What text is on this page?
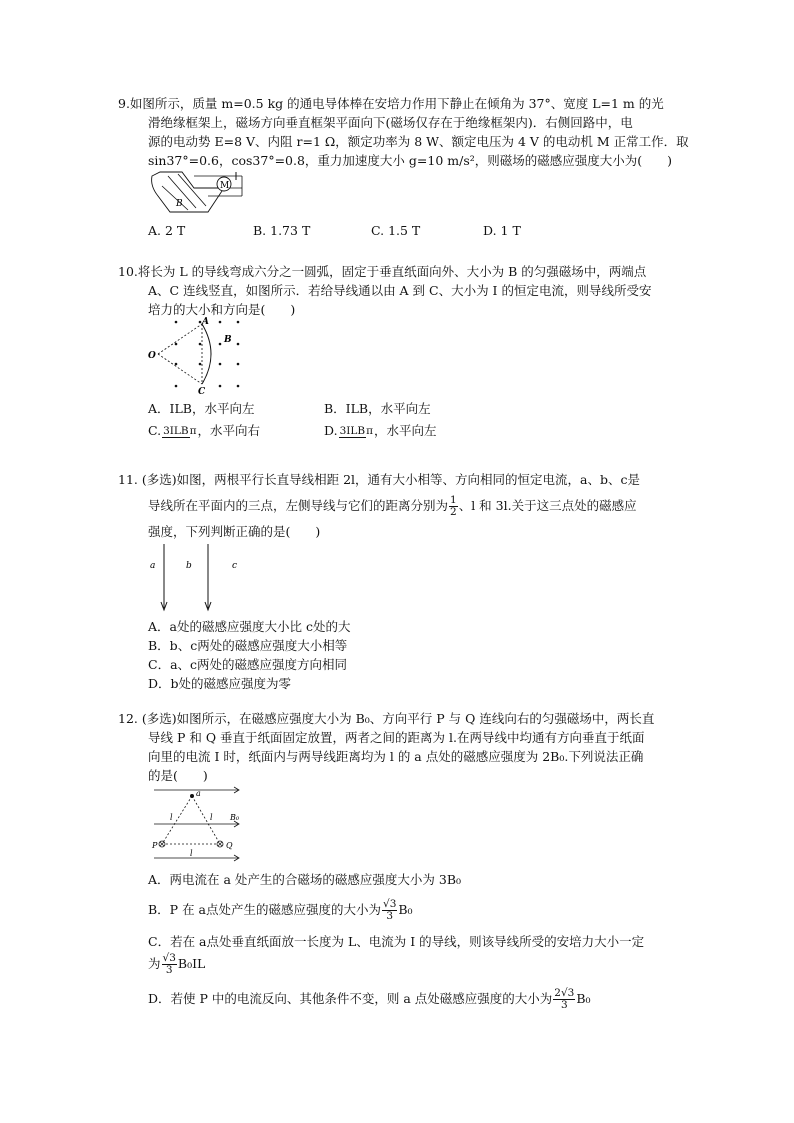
9.如图所示，质量 m=0.5 kg 的通电导体棒在安培力作用下静止在倾角为 37°、宽度 L=1 m 的光

滑绝缘框架上，磁场方向垂直框架平面向下(磁场仅存在于绝缘框架内)．右侧回路中，电

源的电动势 E=8 V、内阻 r=1 Ω，额定功率为 8 W、额定电压为 4 V 的电动机 M 正常工作．取

sin37°=0.6，cos37°=0.8，重力加速度大小 g=10 m/s²，则磁场的磁感应强度大小为(　　)

M
B
A. 2 T	B. 1.73 T	C. 1.5 T	D. 1 T

10.将长为 L 的导线弯成六分之一圆弧，固定于垂直纸面向外、大小为 B 的匀强磁场中，两端点

A、C 连线竖直，如图所示．若给导线通以由 A 到 C、大小为 I 的恒定电流，则导线所受安

培力的大小和方向是(　　)

A
B
C
O
A．ILB，水平向左	B．ILB，水平向左
C. 3ILBπ，水平向右	D. 3ILBπ，水平向左

11. (多选)如图，两根平行长直导线相距 2l，通有大小相等、方向相同的恒定电流，a、b、c是

导线所在平面内的三点，左侧导线与它们的距离分别为 $\frac{1}{2}$ 、l 和 3l.关于这三点处的磁感应

强度，下列判断正确的是(　　)

a	b	c

A．a处的磁感应强度大小比 c处的大

B．b、c两处的磁感应强度大小相等

C．a、c两处的磁感应强度方向相同

D．b处的磁感应强度为零

12. (多选)如图所示，在磁感应强度大小为 B₀、方向平行 P 与 Q 连线向右的匀强磁场中，两长直

导线 P 和 Q 垂直于纸面固定放置，两者之间的距离为 l.在两导线中均通有方向垂直于纸面

向里的电流 I 时，纸面内与两导线距离均为 l 的 a 点处的磁感应强度为 2B₀.下列说法正确

的是(　　)

a
l	l
l
B₀
P	Q

A．两电流在 a 处产生的合磁场的磁感应强度大小为 3B₀

B．P 在 a点处产生的磁感应强度的大小为 $\frac{√3}{3} B_0$

C．若在 a点处垂直纸面放一长度为 L、电流为 I 的导线，则该导线所受的安培力大小一定

为 $\frac{√3}{3} B_0IL$

D．若使 P 中的电流反向、其他条件不变，则 a 点处磁感应强度的大小为 $\frac{2√3}{3} B_0$
